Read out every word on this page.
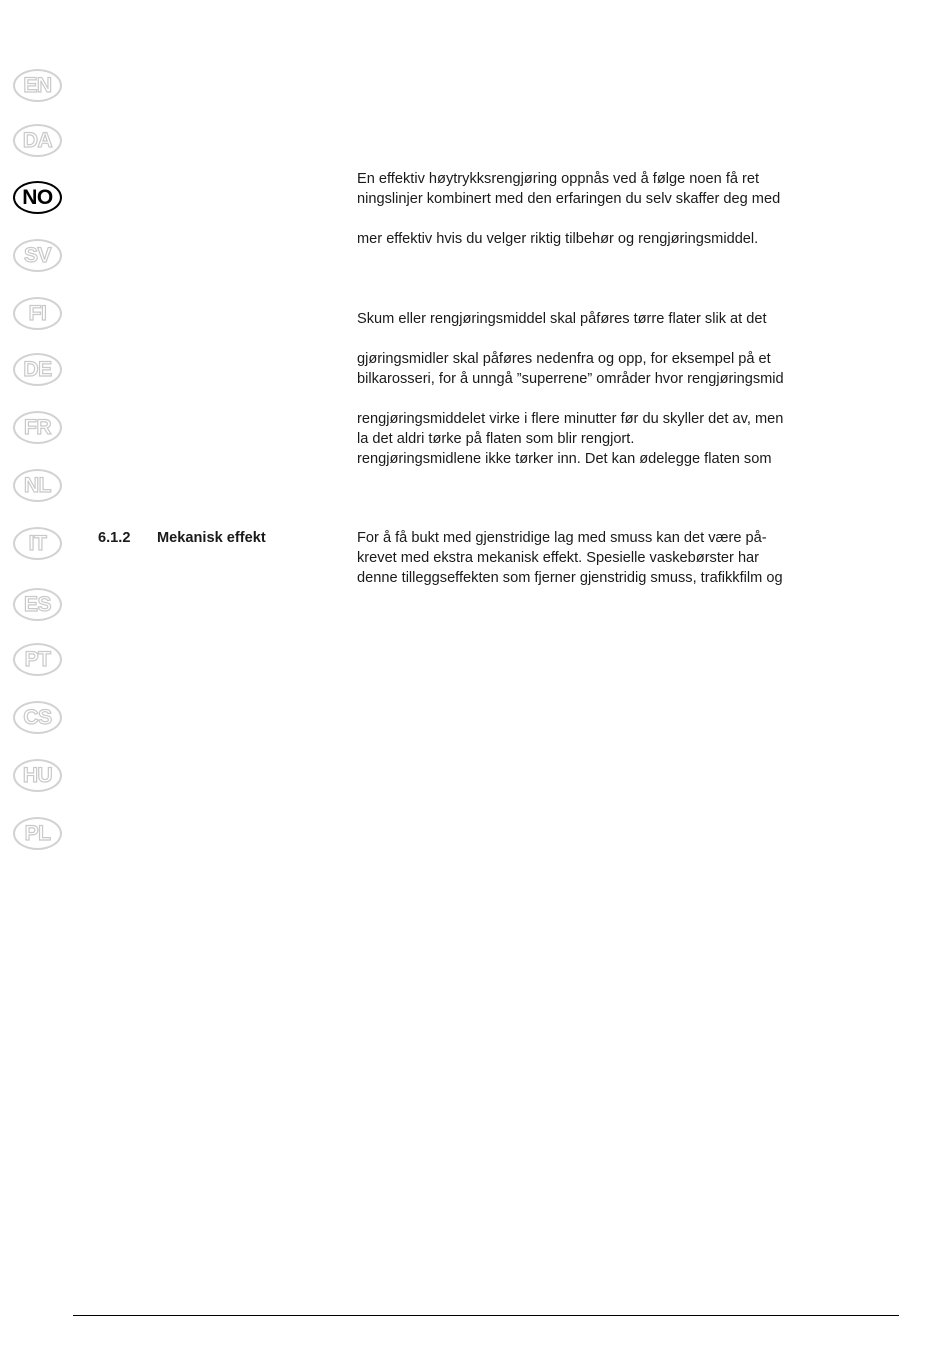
EN
DA
NO
SV
FI
DE
FR
NL
IT
ES
PT
CS
HU
PL
En effektiv høytrykksrengjøring oppnås ved å følge noen få ret
ningslinjer kombinert med den erfaringen du selv skaffer deg med
mer effektiv hvis du velger riktig tilbehør og rengjøringsmiddel.
Skum eller rengjøringsmiddel skal påføres tørre flater slik at det
gjøringsmidler skal påføres nedenfra og opp, for eksempel på et
bilkarosseri, for å unngå ”superrene” områder hvor rengjøringsmid
rengjøringsmiddelet virke i flere minutter før du skyller det av, men
la det aldri tørke på flaten som blir rengjort.
rengjøringsmidlene ikke tørker inn. Det kan ødelegge flaten som
6.1.2 Mekanisk effekt	For å få bukt med gjenstridige lag med smuss kan det være på-
krevet med ekstra mekanisk effekt. Spesielle vaskebørster har
denne tilleggseffekten som fjerner gjenstridig smuss, trafikkfilm og
